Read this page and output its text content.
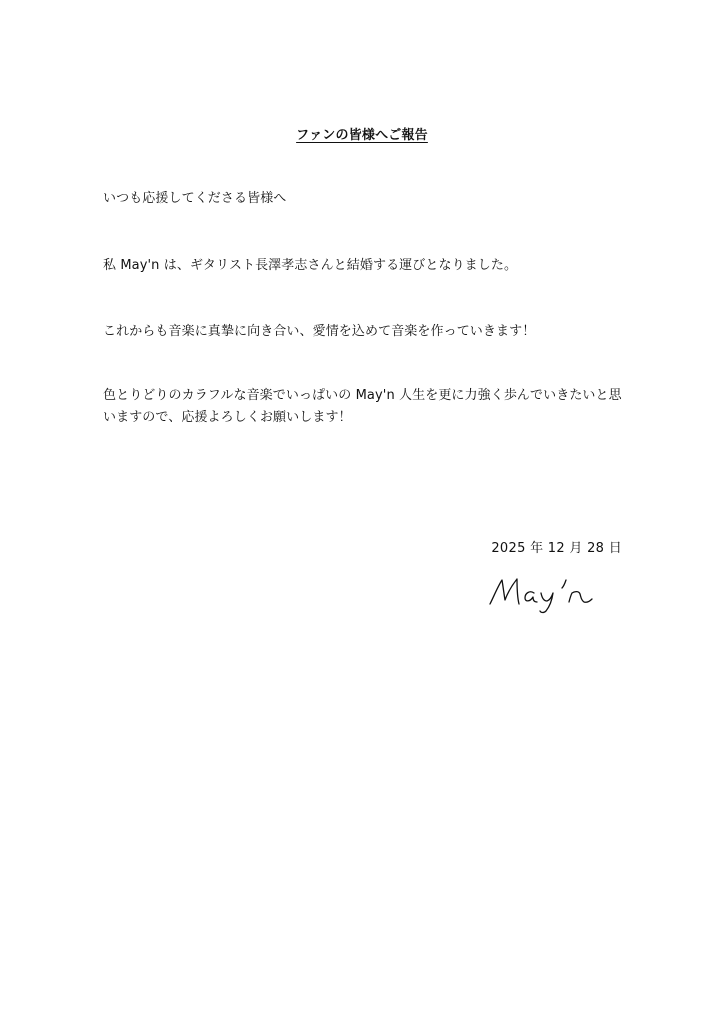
ファンの皆様へご報告
いつも応援してくださる皆様へ
私 May'n は、ギタリスト長澤孝志さんと結婚する運びとなりました。
これからも音楽に真摯に向き合い、愛情を込めて音楽を作っていきます！
色とりどりのカラフルな音楽でいっぱいの May'n 人生を更に力強く歩んでいきたいと思いますので、応援よろしくお願いします！
2025 年 12 月 28 日
